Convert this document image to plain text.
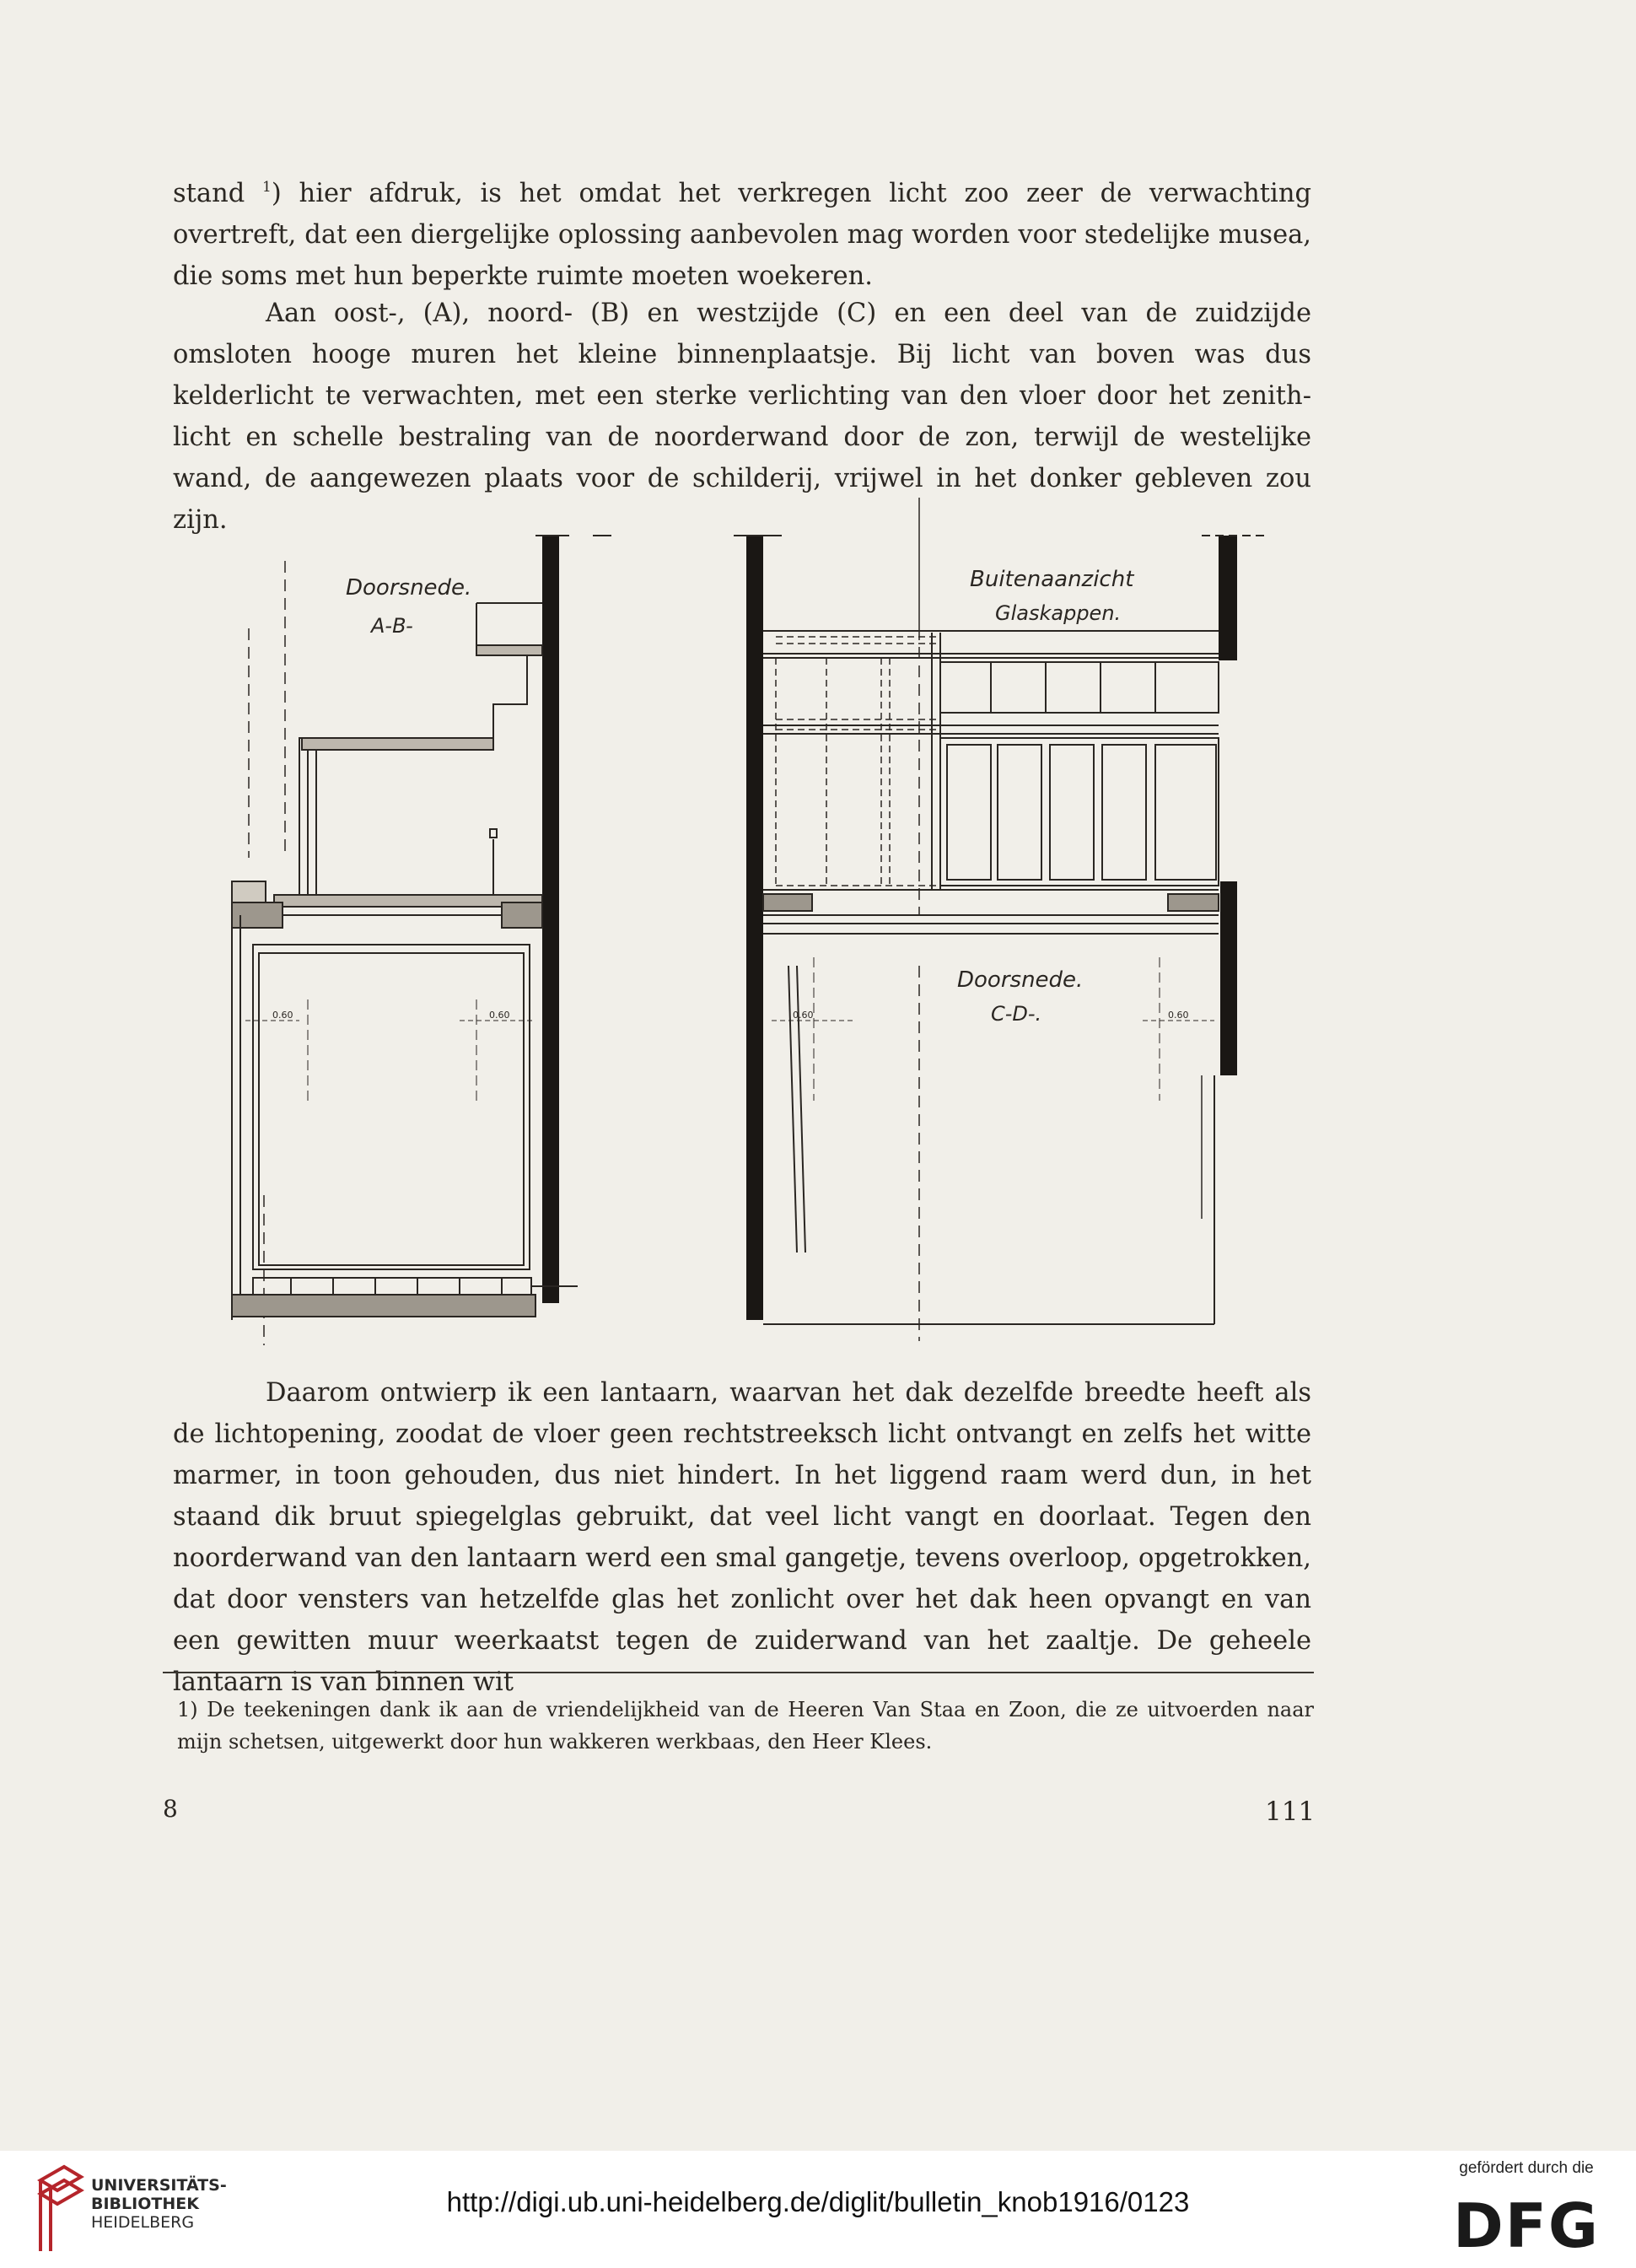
stand $^1$) hier afdruk, is het omdat het verkregen licht zoo zeer de verwachting overtreft, dat een diergelijke oplossing aanbevolen mag worden voor stedelijke musea, die soms met hun beperkte ruimte moeten woekeren.

Aan oost-, (A), noord- (B) en westzijde (C) en een deel van de zuidzijde omsloten hooge muren het kleine binnenplaatsje. Bij licht van boven was dus kelderlicht te verwachten, met een sterke verlichting van den vloer door het zenith-licht en schelle bestraling van de noorderwand door de zon, terwijl de westelijke wand, de aangewezen plaats voor de schilderij, vrijwel in het donker gebleven zou zijn.

Doorsnede.
A-B-
0.60	0.60
Buitenaanzicht
Glaskappen.
Doorsnede.
C-D-.
0.60	0.60

Daarom ontwierp ik een lantaarn, waarvan het dak dezelfde breedte heeft als de lichtopening, zoodat de vloer geen rechtstreeksch licht ontvangt en zelfs het witte marmer, in toon gehouden, dus niet hindert. In het liggend raam werd dun, in het staand dik bruut spiegelglas gebruikt, dat veel licht vangt en doorlaat. Tegen den noorderwand van den lantaarn werd een smal gangetje, tevens overloop, opgetrokken, dat door vensters van hetzelfde glas het zonlicht over het dak heen opvangt en van een gewitten muur weerkaatst tegen de zuiderwand van het zaaltje. De geheele lantaarn is van binnen wit

1) De teekeningen dank ik aan de vriendelijkheid van de Heeren Van Staa en Zoon, die ze uitvoerden naar mijn schetsen, uitgewerkt door hun wakkeren werkbaas, den Heer Klees.

8	111
UNIVERSITÄTS-
BIBLIOTHEK
HEIDELBERG
http://digi.ub.uni-heidelberg.de/diglit/bulletin_knob1916/0123
gefördert durch die
DFG
